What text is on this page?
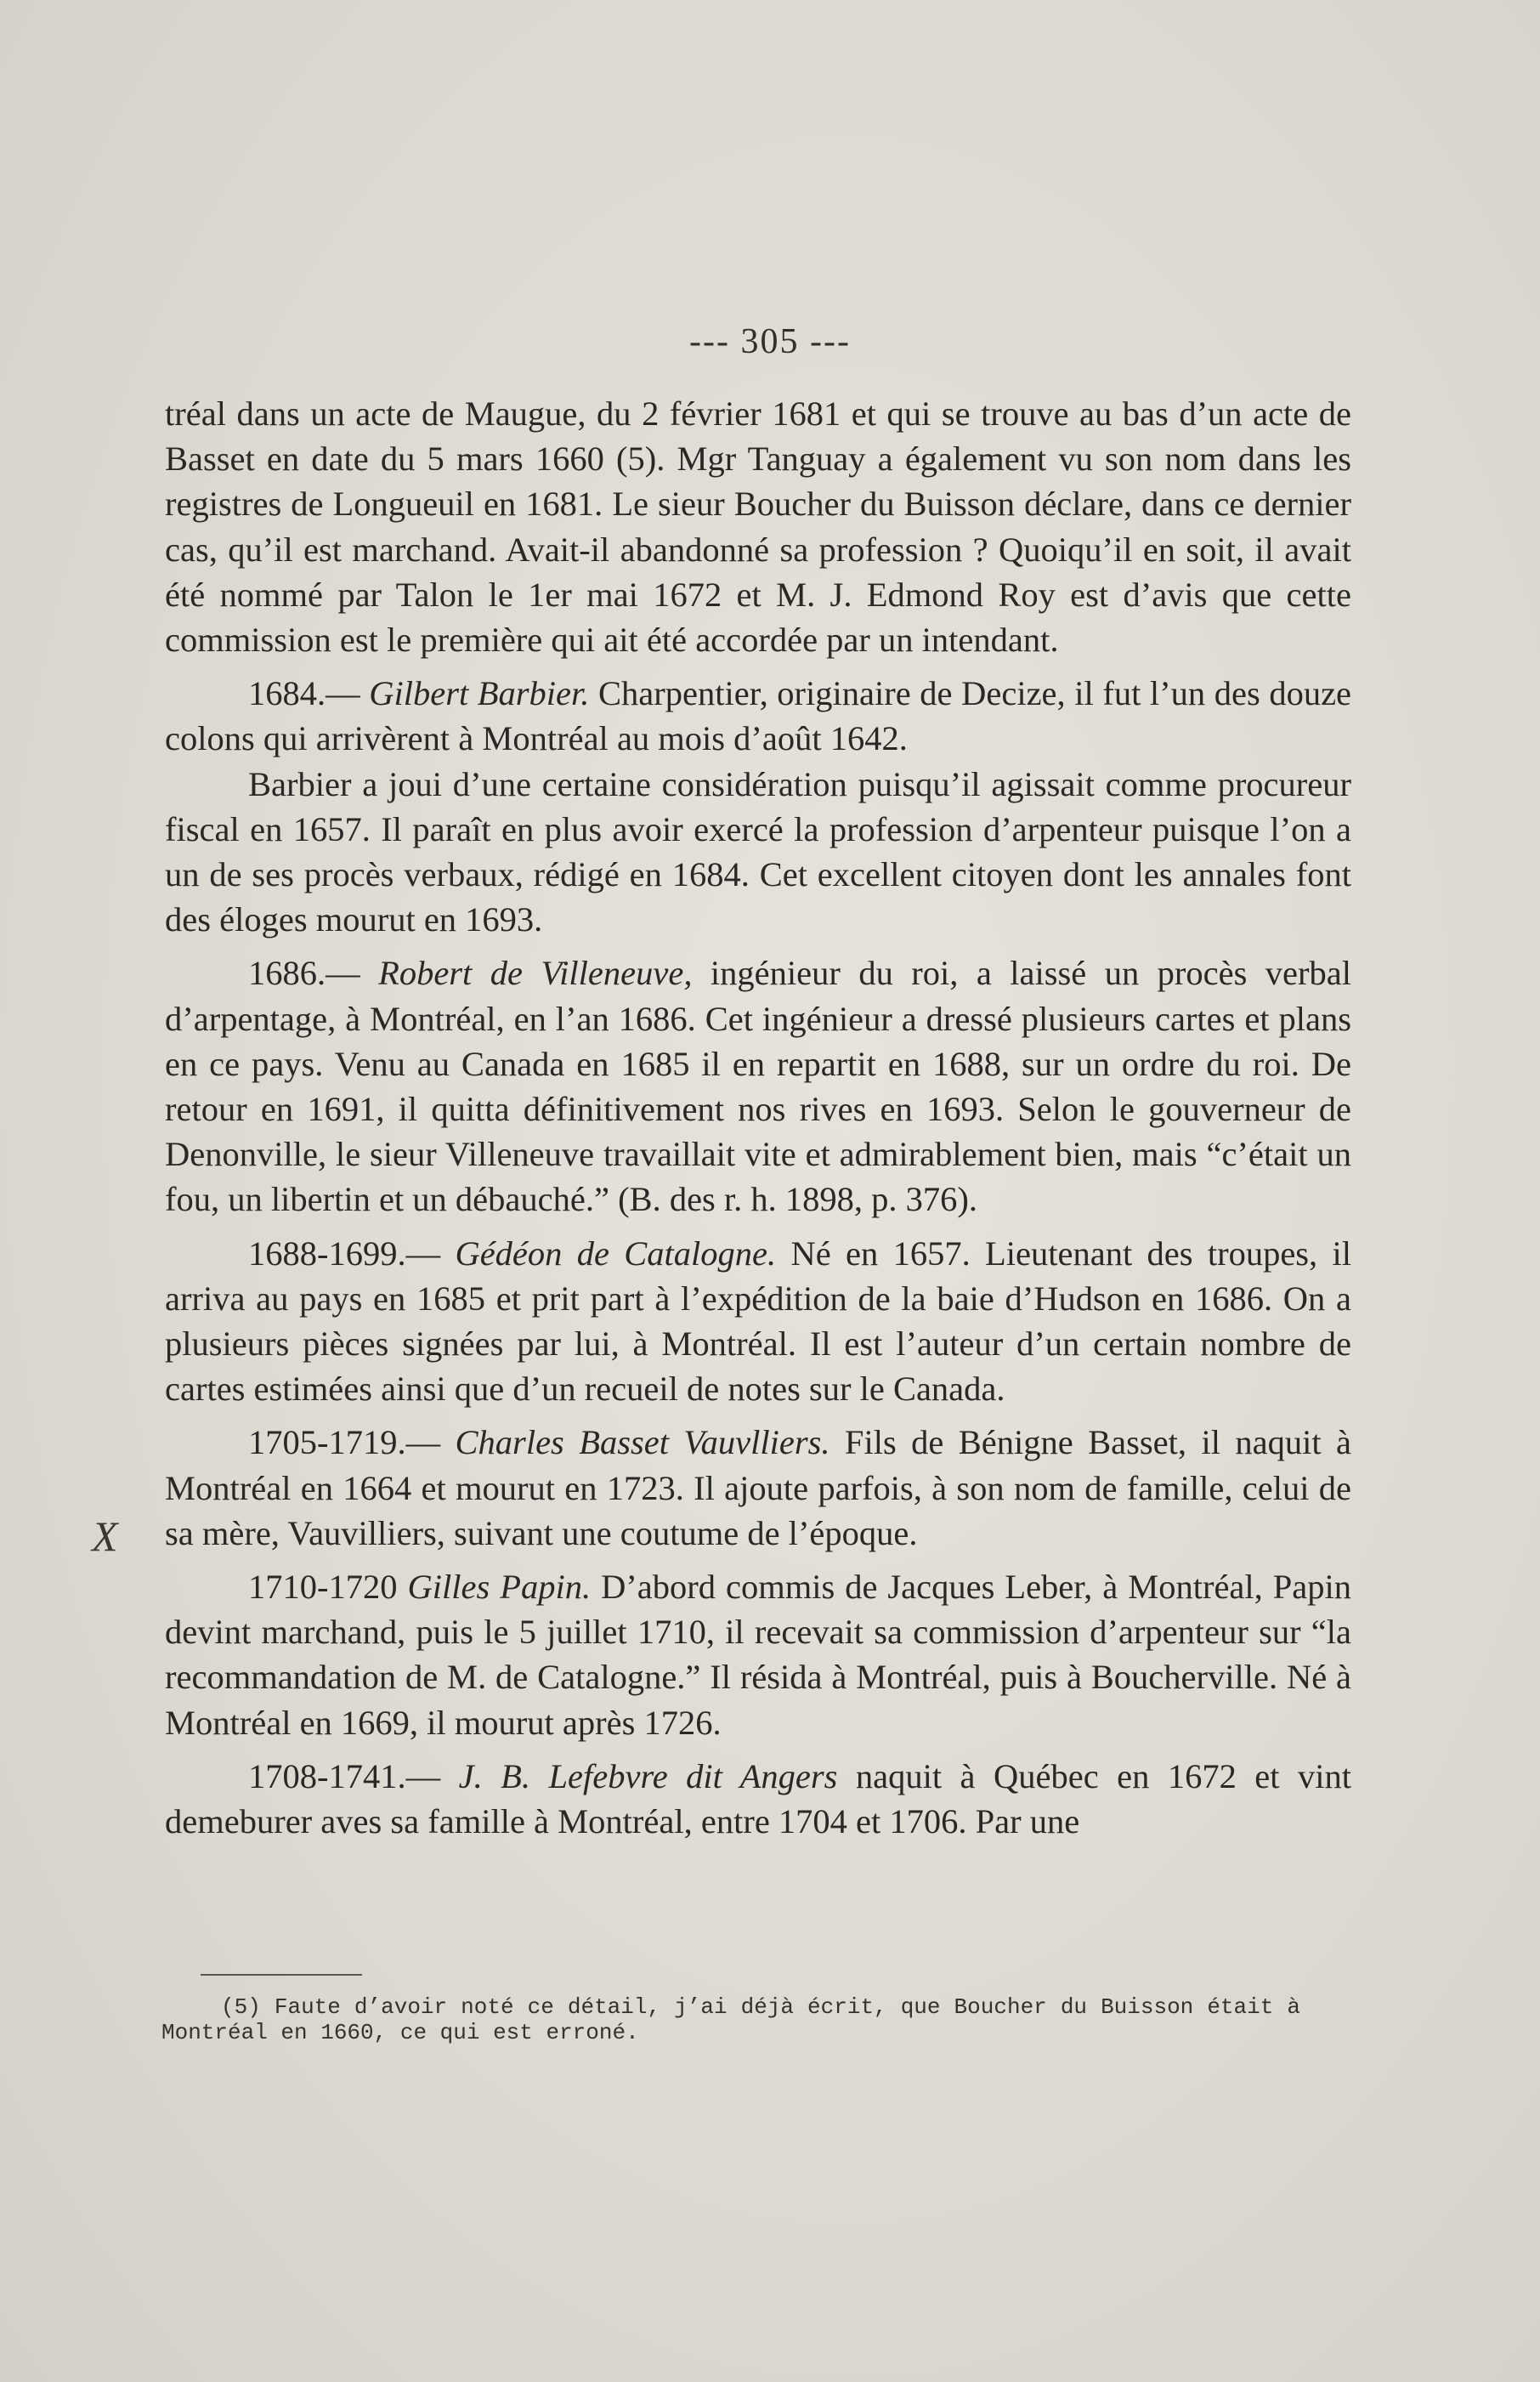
--- 305 ---
X

tréal dans un acte de Maugue, du 2 février 1681 et qui se trouve au bas d’un acte de Basset en date du 5 mars 1660 (5). Mgr Tanguay a également vu son nom dans les registres de Longueuil en 1681. Le sieur Boucher du Buisson déclare, dans ce dernier cas, qu’il est marchand. Avait-il abandonné sa profession ? Quoiqu’il en soit, il avait été nommé par Talon le 1er mai 1672 et M. J. Edmond Roy est d’avis que cette commission est le première qui ait été accordée par un intendant.

1684.— Gilbert Barbier. Charpentier, originaire de Decize, il fut l’un des douze colons qui arrivèrent à Montréal au mois d’août 1642.

Barbier a joui d’une certaine considération puisqu’il agissait comme procureur fiscal en 1657. Il paraît en plus avoir exercé la profession d’arpenteur puisque l’on a un de ses procès verbaux, rédigé en 1684. Cet excellent citoyen dont les annales font des éloges mourut en 1693.

1686.— Robert de Villeneuve, ingénieur du roi, a laissé un procès verbal d’arpentage, à Montréal, en l’an 1686. Cet ingénieur a dressé plusieurs cartes et plans en ce pays. Venu au Canada en 1685 il en repartit en 1688, sur un ordre du roi. De retour en 1691, il quitta définitivement nos rives en 1693. Selon le gouverneur de Denonville, le sieur Villeneuve travaillait vite et admirablement bien, mais “c’était un fou, un libertin et un débauché.” (B. des r. h. 1898, p. 376).

1688-1699.— Gédéon de Catalogne. Né en 1657. Lieutenant des troupes, il arriva au pays en 1685 et prit part à l’expédition de la baie d’Hudson en 1686. On a plusieurs pièces signées par lui, à Montréal. Il est l’auteur d’un certain nombre de cartes estimées ainsi que d’un recueil de notes sur le Canada.

1705-1719.— Charles Basset Vauvlliers. Fils de Bénigne Basset, il naquit à Montréal en 1664 et mourut en 1723. Il ajoute parfois, à son nom de famille, celui de sa mère, Vauvilliers, suivant une coutume de l’époque.

1710-1720 Gilles Papin. D’abord commis de Jacques Leber, à Montréal, Papin devint marchand, puis le 5 juillet 1710, il recevait sa commission d’arpenteur sur “la recommandation de M. de Catalogne.” Il résida à Montréal, puis à Boucherville. Né à Montréal en 1669, il mourut après 1726.

1708-1741.— J. B. Lefebvre dit Angers naquit à Québec en 1672 et vint demeburer aves sa famille à Montréal, entre 1704 et 1706. Par une

(5) Faute d’avoir noté ce détail, j’ai déjà écrit, que Boucher du Buisson était à Montréal en 1660, ce qui est erroné.
